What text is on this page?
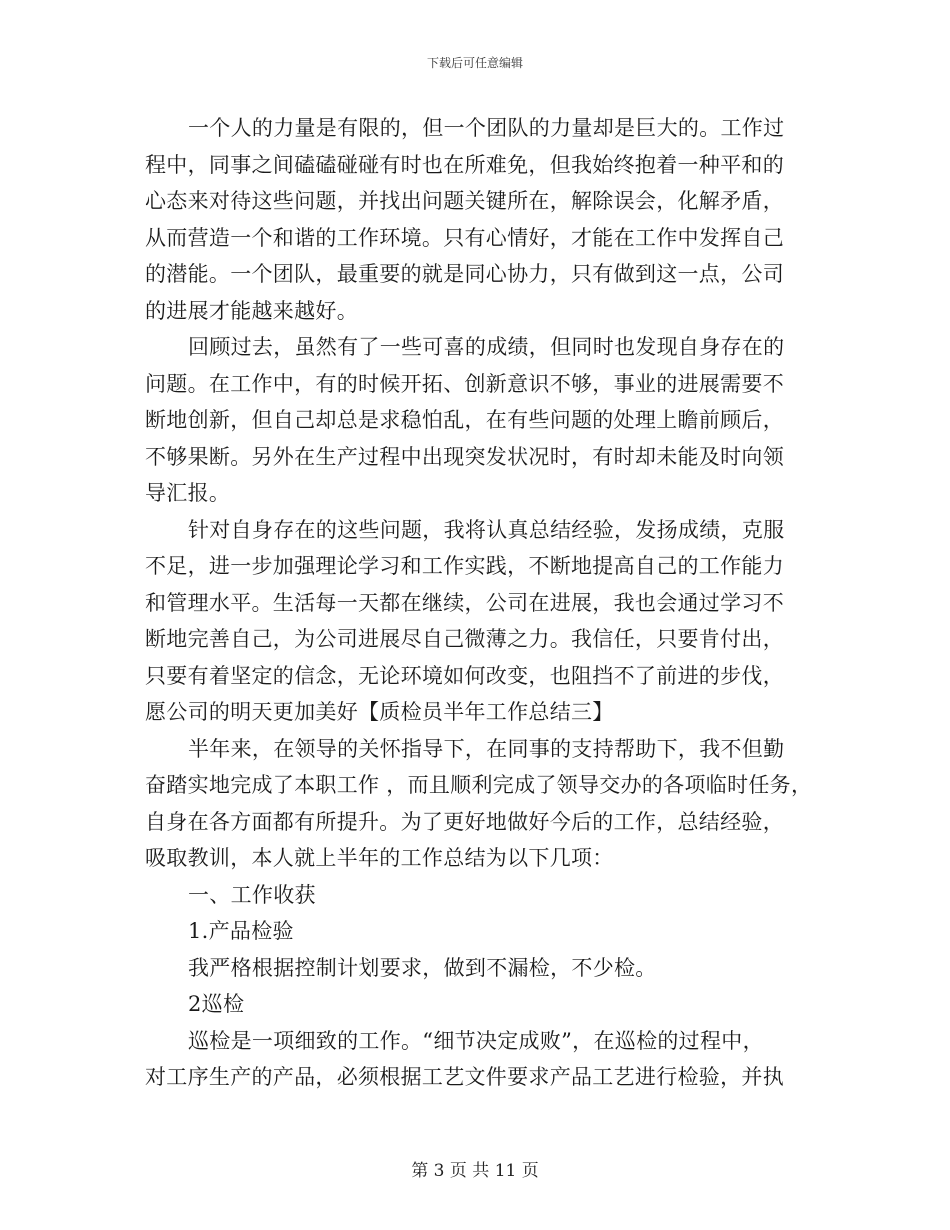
下载后可任意编辑
一个人的力量是有限的，但一个团队的力量却是巨大的。工作过
程中，同事之间磕磕碰碰有时也在所难免，但我始终抱着一种平和的
心态来对待这些问题，并找出问题关键所在，解除误会，化解矛盾，
从而营造一个和谐的工作环境。只有心情好，才能在工作中发挥自己
的潜能。一个团队，最重要的就是同心协力，只有做到这一点，公司
的进展才能越来越好。
回顾过去，虽然有了一些可喜的成绩，但同时也发现自身存在的
问题。在工作中，有的时候开拓、创新意识不够，事业的进展需要不
断地创新，但自己却总是求稳怕乱，在有些问题的处理上瞻前顾后，
不够果断。另外在生产过程中出现突发状况时，有时却未能及时向领
导汇报。
针对自身存在的这些问题，我将认真总结经验，发扬成绩，克服
不足，进一步加强理论学习和工作实践，不断地提高自己的工作能力
和管理水平。生活每一天都在继续，公司在进展，我也会通过学习不
断地完善自己，为公司进展尽自己微薄之力。我信任，只要肯付出，
只要有着坚定的信念，无论环境如何改变，也阻挡不了前进的步伐，
愿公司的明天更加美好【质检员半年工作总结三】
半年来，在领导的关怀指导下，在同事的支持帮助下，我不但勤
奋踏实地完成了本职工作 ，而且顺利完成了领导交办的各项临时任务，
自身在各方面都有所提升。为了更好地做好今后的工作，总结经验，
吸取教训，本人就上半年的工作总结为以下几项：
一、工作收获
1.产品检验
我严格根据控制计划要求，做到不漏检，不少检。
2巡检
巡检是一项细致的工作。“细节决定成败”，在巡检的过程中，
对工序生产的产品，必须根据工艺文件要求产品工艺进行检验，并执
第 3 页 共 11 页
